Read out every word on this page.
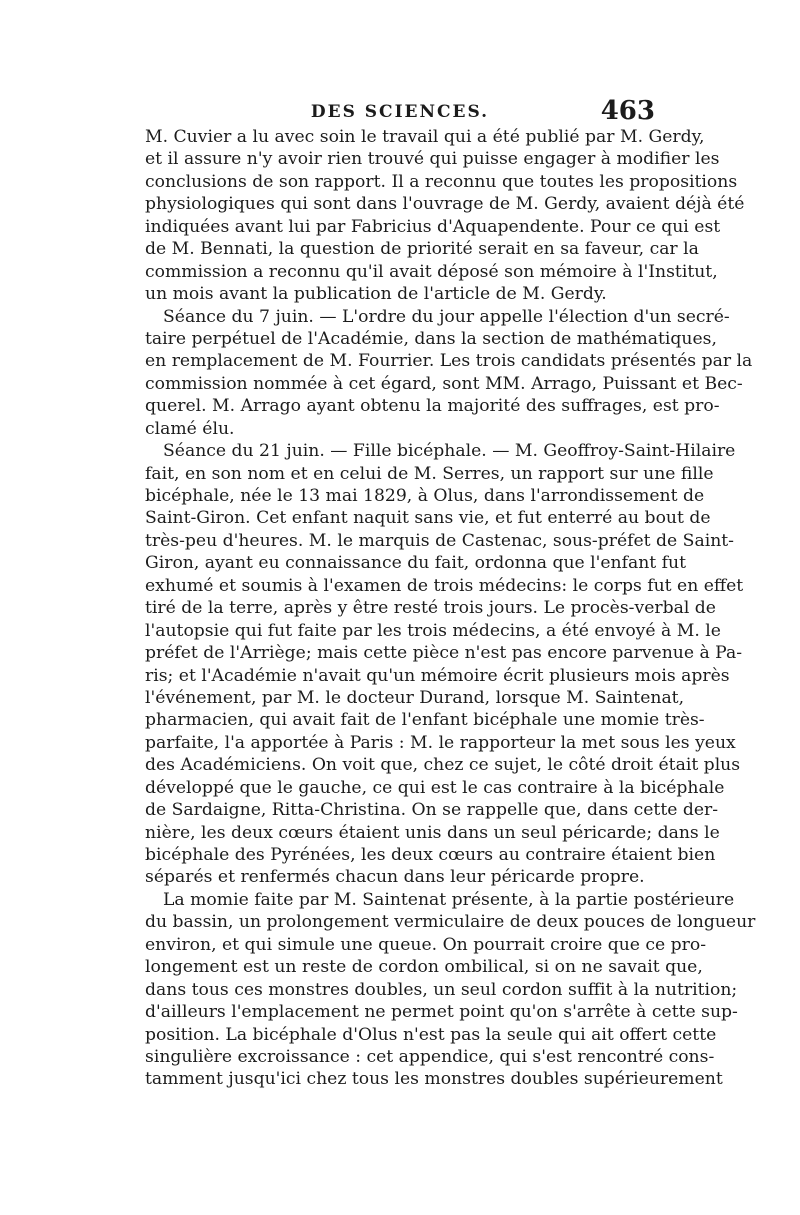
DES SCIENCES.	463
M. Cuvier a lu avec soin le travail qui a été publié par M. Gerdy,
et il assure n'y avoir rien trouvé qui puisse engager à modifier les
conclusions de son rapport. Il a reconnu que toutes les propositions
physiologiques qui sont dans l'ouvrage de M. Gerdy, avaient déjà été
indiquées avant lui par Fabricius d'Aquapendente. Pour ce qui est
de M. Bennati, la question de priorité serait en sa faveur, car la
commission a reconnu qu'il avait déposé son mémoire à l'Institut,
un mois avant la publication de l'article de M. Gerdy.
Séance du 7 juin. — L'ordre du jour appelle l'élection d'un secré-
taire perpétuel de l'Académie, dans la section de mathématiques,
en remplacement de M. Fourrier. Les trois candidats présentés par la
commission nommée à cet égard, sont MM. Arrago, Puissant et Bec-
querel. M. Arrago ayant obtenu la majorité des suffrages, est pro-
clamé élu.
Séance du 21 juin. — Fille bicéphale. — M. Geoffroy-Saint-Hilaire
fait, en son nom et en celui de M. Serres, un rapport sur une fille
bicéphale, née le 13 mai 1829, à Olus, dans l'arrondissement de
Saint-Giron. Cet enfant naquit sans vie, et fut enterré au bout de
très-peu d'heures. M. le marquis de Castenac, sous-préfet de Saint-
Giron, ayant eu connaissance du fait, ordonna que l'enfant fut
exhumé et soumis à l'examen de trois médecins: le corps fut en effet
tiré de la terre, après y être resté trois jours. Le procès-verbal de
l'autopsie qui fut faite par les trois médecins, a été envoyé à M. le
préfet de l'Arriège; mais cette pièce n'est pas encore parvenue à Pa-
ris; et l'Académie n'avait qu'un mémoire écrit plusieurs mois après
l'événement, par M. le docteur Durand, lorsque M. Saintenat,
pharmacien, qui avait fait de l'enfant bicéphale une momie très-
parfaite, l'a apportée à Paris : M. le rapporteur la met sous les yeux
des Académiciens. On voit que, chez ce sujet, le côté droit était plus
développé que le gauche, ce qui est le cas contraire à la bicéphale
de Sardaigne, Ritta-Christina. On se rappelle que, dans cette der-
nière, les deux cœurs étaient unis dans un seul péricarde; dans le
bicéphale des Pyrénées, les deux cœurs au contraire étaient bien
séparés et renfermés chacun dans leur péricarde propre.
La momie faite par M. Saintenat présente, à la partie postérieure
du bassin, un prolongement vermiculaire de deux pouces de longueur
environ, et qui simule une queue. On pourrait croire que ce pro-
longement est un reste de cordon ombilical, si on ne savait que,
dans tous ces monstres doubles, un seul cordon suffit à la nutrition;
d'ailleurs l'emplacement ne permet point qu'on s'arrête à cette sup-
position. La bicéphale d'Olus n'est pas la seule qui ait offert cette
singulière excroissance : cet appendice, qui s'est rencontré cons-
tamment jusqu'ici chez tous les monstres doubles supérieurement
